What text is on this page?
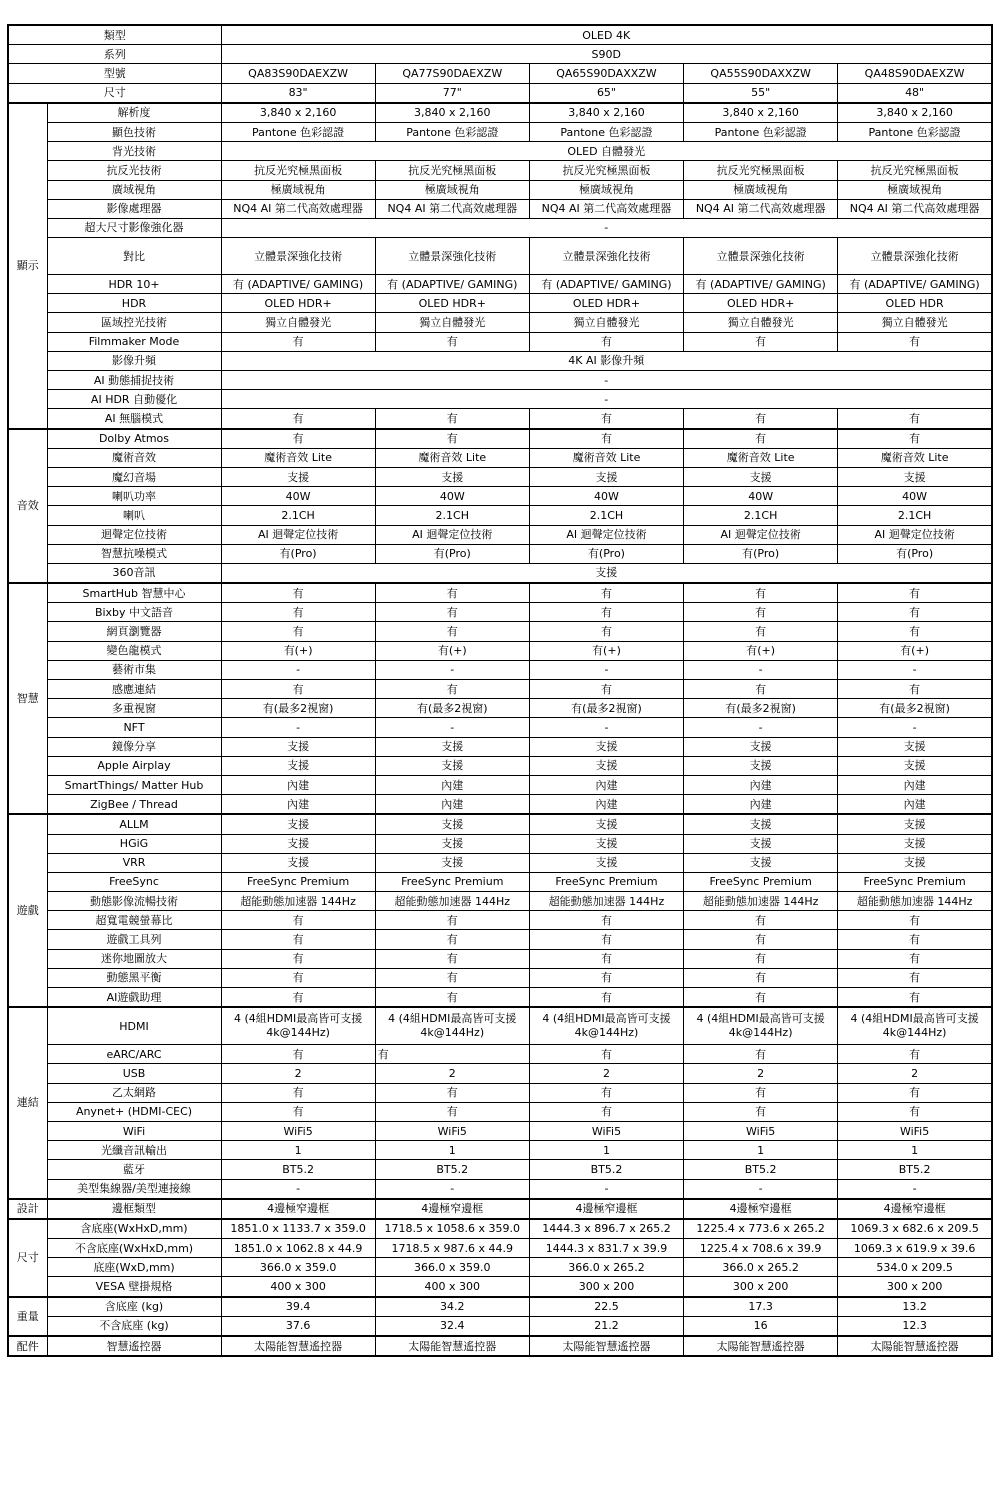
類型		OLED 4K				
系列		S90D				
型號		QA83S90DAEXZW	QA77S90DAEXZW	QA65S90DAXXZW	QA55S90DAXXZW	QA48S90DAEXZW
尺寸		83"	77"	65"	55"	48"
顯示	解析度	3,840 x 2,160	3,840 x 2,160	3,840 x 2,160	3,840 x 2,160	3,840 x 2,160
	顯色技術	Pantone 色彩認證	Pantone 色彩認證	Pantone 色彩認證	Pantone 色彩認證	Pantone 色彩認證
	背光技術	OLED 自體發光				
	抗反光技術	抗反光究極黑面板	抗反光究極黑面板	抗反光究極黑面板	抗反光究極黑面板	抗反光究極黑面板
	廣域視角	極廣域視角	極廣域視角	極廣域視角	極廣域視角	極廣域視角
	影像處理器	NQ4 AI 第二代高效處理器	NQ4 AI 第二代高效處理器	NQ4 AI 第二代高效處理器	NQ4 AI 第二代高效處理器	NQ4 AI 第二代高效處理器
	超大尺寸影像強化器	-				
	對比	立體景深強化技術	立體景深強化技術	立體景深強化技術	立體景深強化技術	立體景深強化技術
	HDR 10+	有 (ADAPTIVE/ GAMING)	有 (ADAPTIVE/ GAMING)	有 (ADAPTIVE/ GAMING)	有 (ADAPTIVE/ GAMING)	有 (ADAPTIVE/ GAMING)
	HDR	OLED HDR+	OLED HDR+	OLED HDR+	OLED HDR+	OLED HDR
	區域控光技術	獨立自體發光	獨立自體發光	獨立自體發光	獨立自體發光	獨立自體發光
	Filmmaker Mode	有	有	有	有	有
	影像升頻	4K AI 影像升頻				
	AI 動態捕捉技術	-				
	AI HDR 自動優化	-				
	AI 無腦模式	有	有	有	有	有
音效	Dolby Atmos	有	有	有	有	有
	魔術音效	魔術音效 Lite	魔術音效 Lite	魔術音效 Lite	魔術音效 Lite	魔術音效 Lite
	魔幻音場	支援	支援	支援	支援	支援
	喇叭功率	40W	40W	40W	40W	40W
	喇叭	2.1CH	2.1CH	2.1CH	2.1CH	2.1CH
	迴聲定位技術	AI 迴聲定位技術	AI 迴聲定位技術	AI 迴聲定位技術	AI 迴聲定位技術	AI 迴聲定位技術
	智慧抗噪模式	有(Pro)	有(Pro)	有(Pro)	有(Pro)	有(Pro)
	360音訊	支援				
智慧	SmartHub 智慧中心	有	有	有	有	有
	Bixby 中文語音	有	有	有	有	有
	網頁瀏覽器	有	有	有	有	有
	變色龍模式	有(+)	有(+)	有(+)	有(+)	有(+)
	藝術市集	-	-	-	-	-
	感應連結	有	有	有	有	有
	多重視窗	有(最多2視窗)	有(最多2視窗)	有(最多2視窗)	有(最多2視窗)	有(最多2視窗)
	NFT	-	-	-	-	-
	鏡像分享	支援	支援	支援	支援	支援
	Apple Airplay	支援	支援	支援	支援	支援
	SmartThings/ Matter Hub	內建	內建	內建	內建	內建
	ZigBee / Thread	內建	內建	內建	內建	內建
遊戲	ALLM	支援	支援	支援	支援	支援
	HGiG	支援	支援	支援	支援	支援
	VRR	支援	支援	支援	支援	支援
	FreeSync	FreeSync Premium	FreeSync Premium	FreeSync Premium	FreeSync Premium	FreeSync Premium
	動態影像流暢技術	超能動態加速器 144Hz	超能動態加速器 144Hz	超能動態加速器 144Hz	超能動態加速器 144Hz	超能動態加速器 144Hz
	超寬電競螢幕比	有	有	有	有	有
	遊戲工具列	有	有	有	有	有
	迷你地圖放大	有	有	有	有	有
	動態黑平衡	有	有	有	有	有
	AI遊戲助理	有	有	有	有	有
連結	HDMI	4 (4組HDMI最高皆可支援 4k@144Hz)	4 (4組HDMI最高皆可支援 4k@144Hz)	4 (4組HDMI最高皆可支援 4k@144Hz)	4 (4組HDMI最高皆可支援 4k@144Hz)	4 (4組HDMI最高皆可支援 4k@144Hz)
	eARC/ARC	有	有	有	有	有
	USB	2	2	2	2	2
	乙太網路	有	有	有	有	有
	Anynet+ (HDMI-CEC)	有	有	有	有	有
	WiFi	WiFi5	WiFi5	WiFi5	WiFi5	WiFi5
	光纖音訊輸出	1	1	1	1	1
	藍牙	BT5.2	BT5.2	BT5.2	BT5.2	BT5.2
	美型集線器/美型連接線	-	-	-	-	-
設計	邊框類型	4邊極窄邊框	4邊極窄邊框	4邊極窄邊框	4邊極窄邊框	4邊極窄邊框
尺寸	含底座(WxHxD,mm)	1851.0 x 1133.7 x 359.0	1718.5 x 1058.6 x 359.0	1444.3 x 896.7 x 265.2	1225.4 x 773.6 x 265.2	1069.3 x 682.6 x 209.5
	不含底座(WxHxD,mm)	1851.0 x 1062.8 x 44.9	1718.5 x 987.6 x 44.9	1444.3 x 831.7 x 39.9	1225.4 x 708.6 x 39.9	1069.3 x 619.9 x 39.6
	底座(WxD,mm)	366.0 x 359.0	366.0 x 359.0	366.0 x 265.2	366.0 x 265.2	534.0 x 209.5
	VESA 壁掛規格	400 x 300	400 x 300	300 x 200	300 x 200	300 x 200
重量	含底座 (kg)	39.4	34.2	22.5	17.3	13.2
	不含底座 (kg)	37.6	32.4	21.2	16	12.3
配件	智慧遙控器	太陽能智慧遙控器	太陽能智慧遙控器	太陽能智慧遙控器	太陽能智慧遙控器	太陽能智慧遙控器
